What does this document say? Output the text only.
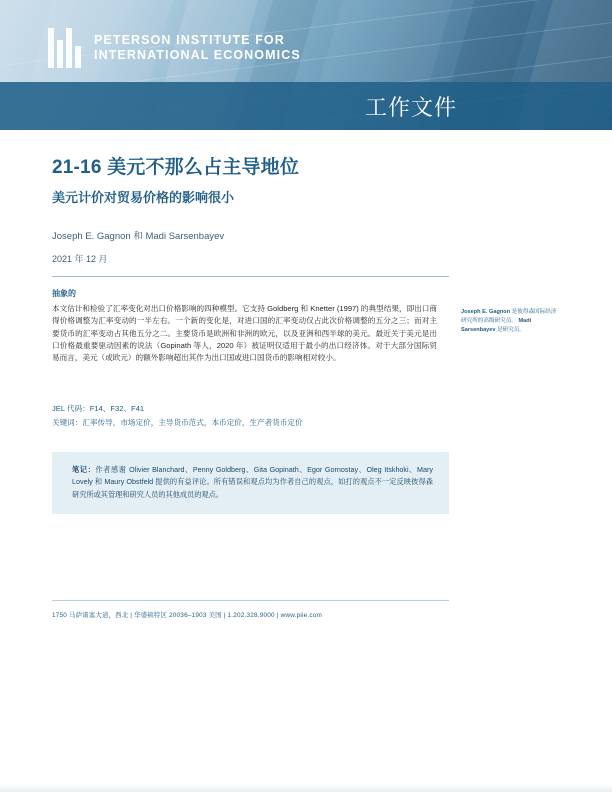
PETERSON INSTITUTE FOR
INTERNATIONAL ECONOMICS
工作文件
21-16 美元不那么占主导地位
美元计价对贸易价格的影响很小
Joseph E. Gagnon 和 Madi Sarsenbayev
2021 年 12 月
抽象的
本文估计和检验了汇率变化对出口价格影响的四种模型。它支持 Goldberg 和 Knetter (1997) 的典型结果，即出口商得价格调整为汇率变动的一半左右。一个新的变化是，对进口国的汇率变动仅占此次价格调整的五分之三；而对主要货币的汇率变动占其他五分之二。主要货币是欧洲和非洲的欧元，以及亚洲和西半球的美元。最近关于美元是出口价格最重要驱动因素的说法（Gopinath 等人，2020 年）被证明仅适用于最小的出口经济体。对于大部分国际贸易而言，美元（或欧元）的额外影响超出其作为出口国或进口国货币的影响相对较小。
Joseph E. Gagnon 是彼得森国际经济研究所的高级研究员。 Madi Sarsenbayev 是研究员。
JEL 代码：F14、F32、F41
关键词：汇率传导，市场定价，主导货币范式，本币定价，生产者货币定价

笔记：作者感谢 Olivier Blanchard、Penny Goldberg、Gita Gopinath、Egor Gornostay、Oleg Itskhoki、Mary Lovely 和 Maury Obstfeld 提供的有益评论。所有错误和观点均为作者自己的观点，如打的观点不一定反映彼得森研究所或其管理和研究人员的其他成员的观点。

1750 马萨诸塞大道，西北 | 华盛顿特区 20036–1903 美国 | 1.202.328.9000 | www.piie.com
